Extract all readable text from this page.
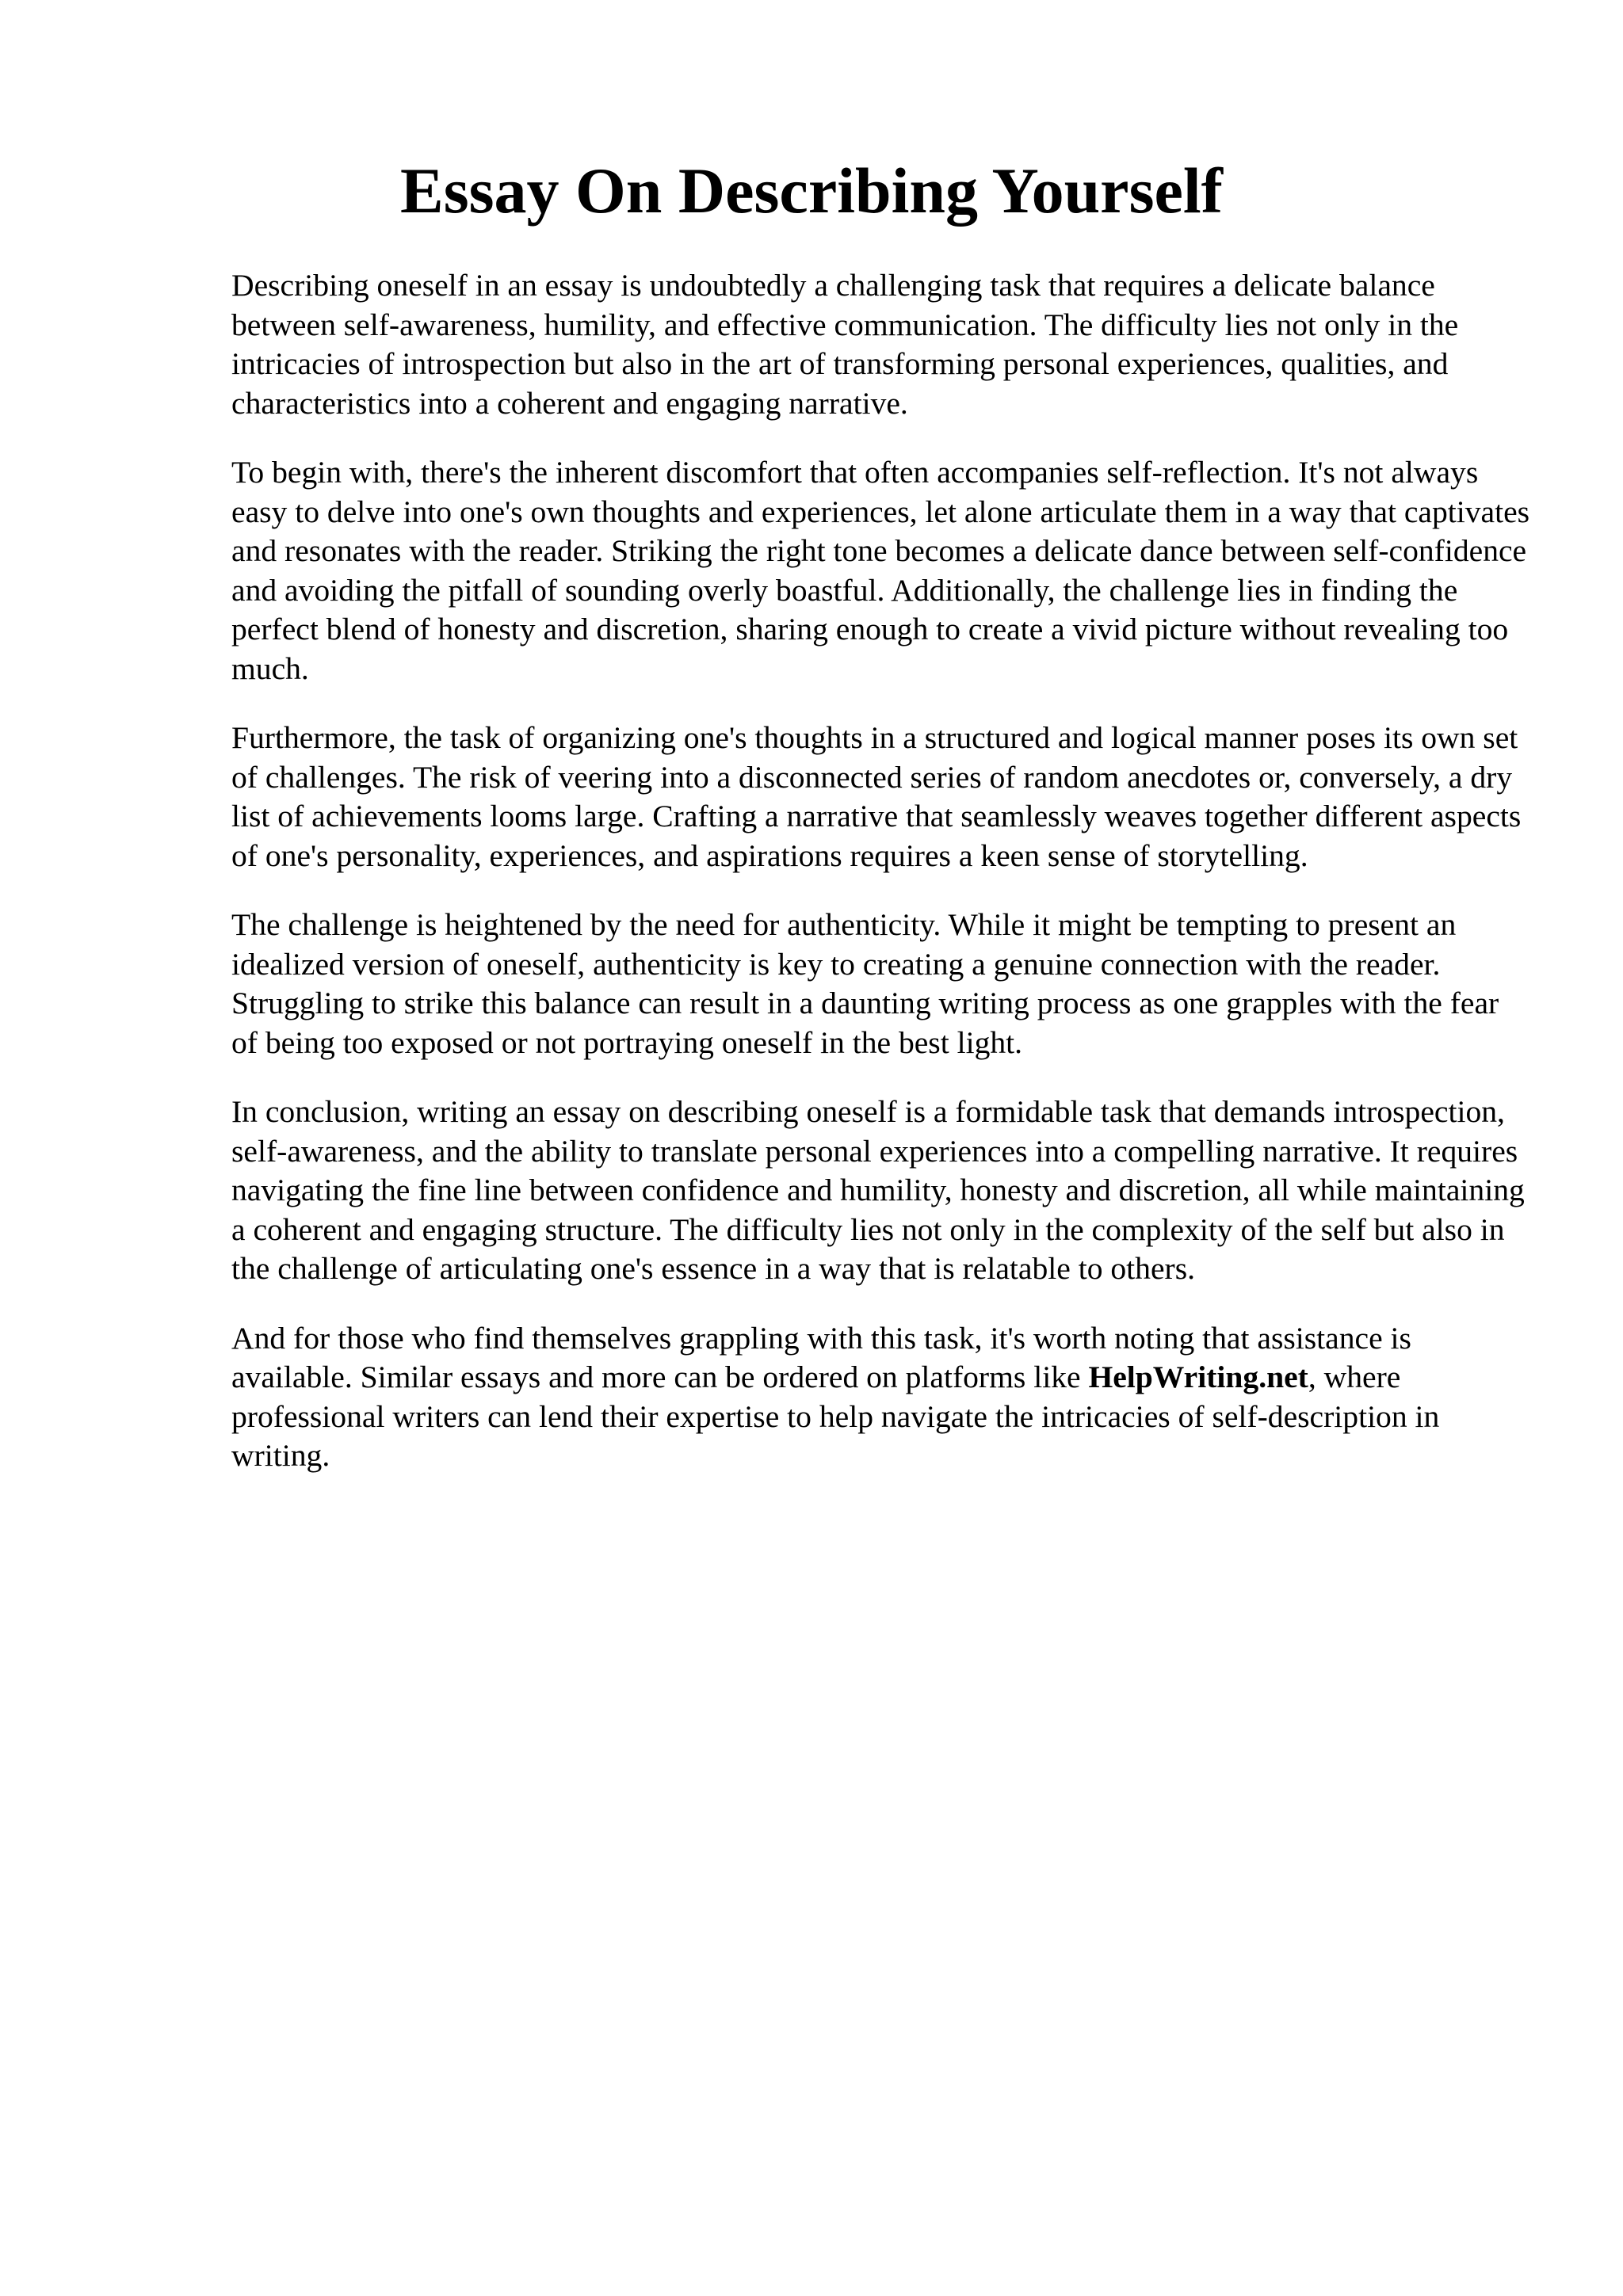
Essay On Describing Yourself

Describing oneself in an essay is undoubtedly a challenging task that requires a delicate balance between self-awareness, humility, and effective communication. The difficulty lies not only in the intricacies of introspection but also in the art of transforming personal experiences, qualities, and characteristics into a coherent and engaging narrative.

To begin with, there's the inherent discomfort that often accompanies self-reflection. It's not always easy to delve into one's own thoughts and experiences, let alone articulate them in a way that captivates and resonates with the reader. Striking the right tone becomes a delicate dance between self-confidence and avoiding the pitfall of sounding overly boastful. Additionally, the challenge lies in finding the perfect blend of honesty and discretion, sharing enough to create a vivid picture without revealing too much.

Furthermore, the task of organizing one's thoughts in a structured and logical manner poses its own set of challenges. The risk of veering into a disconnected series of random anecdotes or, conversely, a dry list of achievements looms large. Crafting a narrative that seamlessly weaves together different aspects of one's personality, experiences, and aspirations requires a keen sense of storytelling.

The challenge is heightened by the need for authenticity. While it might be tempting to present an idealized version of oneself, authenticity is key to creating a genuine connection with the reader. Struggling to strike this balance can result in a daunting writing process as one grapples with the fear of being too exposed or not portraying oneself in the best light.

In conclusion, writing an essay on describing oneself is a formidable task that demands introspection, self-awareness, and the ability to translate personal experiences into a compelling narrative. It requires navigating the fine line between confidence and humility, honesty and discretion, all while maintaining a coherent and engaging structure. The difficulty lies not only in the complexity of the self but also in the challenge of articulating one's essence in a way that is relatable to others.

And for those who find themselves grappling with this task, it's worth noting that assistance is available. Similar essays and more can be ordered on platforms like HelpWriting.net, where professional writers can lend their expertise to help navigate the intricacies of self-description in writing.
